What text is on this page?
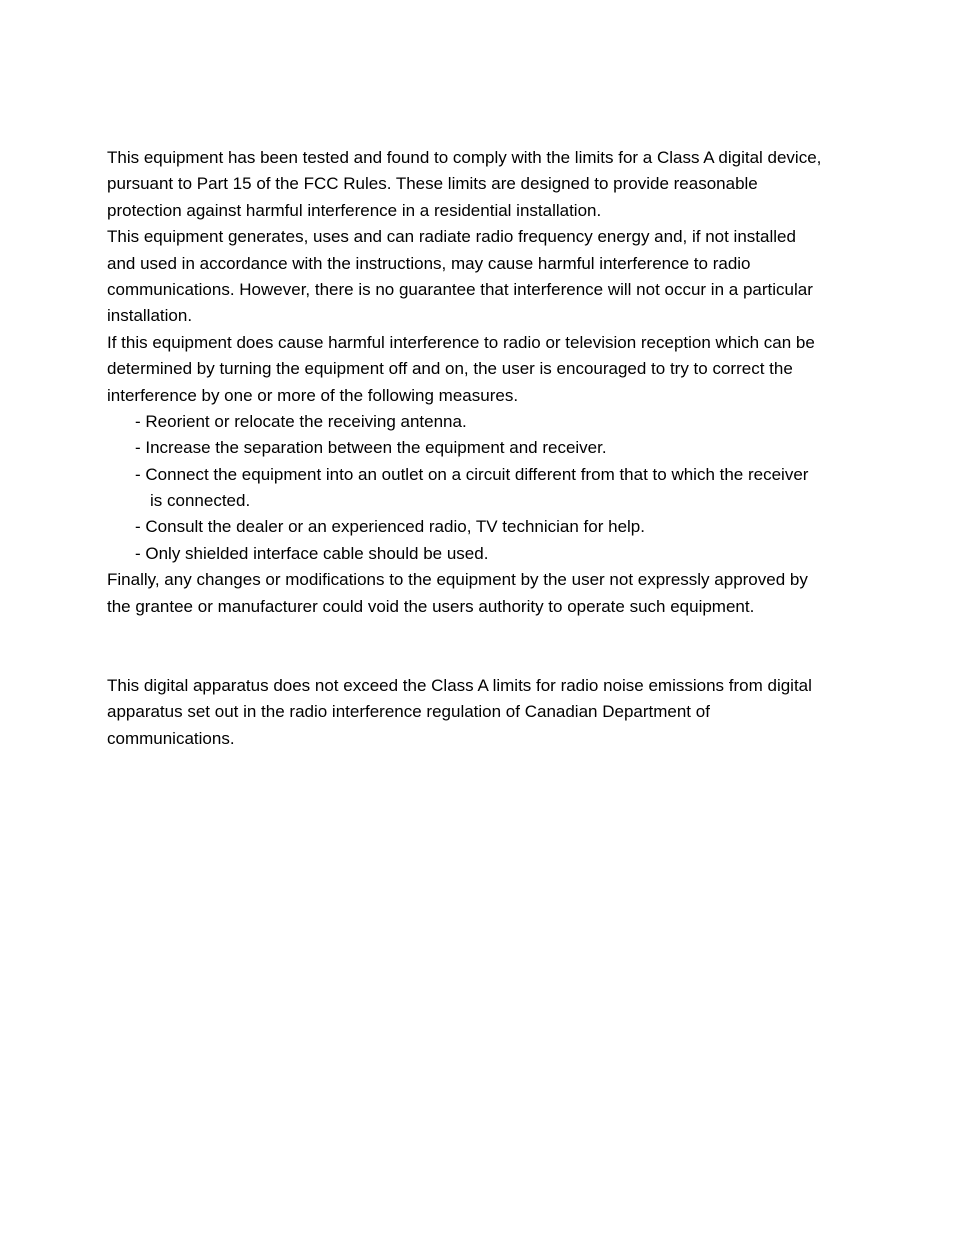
This equipment has been tested and found to comply with the limits for a Class A digital device,

pursuant to Part 15 of the FCC Rules. These limits are designed to provide reasonable

protection against harmful interference in a residential installation.

This equipment generates, uses and can radiate radio frequency energy and, if not installed

and used in accordance with the instructions, may cause harmful interference to radio

communications. However, there is no guarantee that interference will not occur in a particular

installation.

If this equipment does cause harmful interference to radio or television reception which can be

determined by turning the equipment off and on, the user is encouraged to try to correct the

interference by one or more of the following measures.

- Reorient or relocate the receiving antenna.

- Increase the separation between the equipment and receiver.

- Connect the equipment into an outlet on a circuit different from that to which the receiver

is connected.

- Consult the dealer or an experienced radio, TV technician for help.

- Only shielded interface cable should be used.

Finally, any changes or modifications to the equipment by the user not expressly approved by

the grantee or manufacturer could void the users authority to operate such equipment.

This digital apparatus does not exceed the Class A limits for radio noise emissions from digital

apparatus set out in the radio interference regulation of Canadian Department of

communications.
